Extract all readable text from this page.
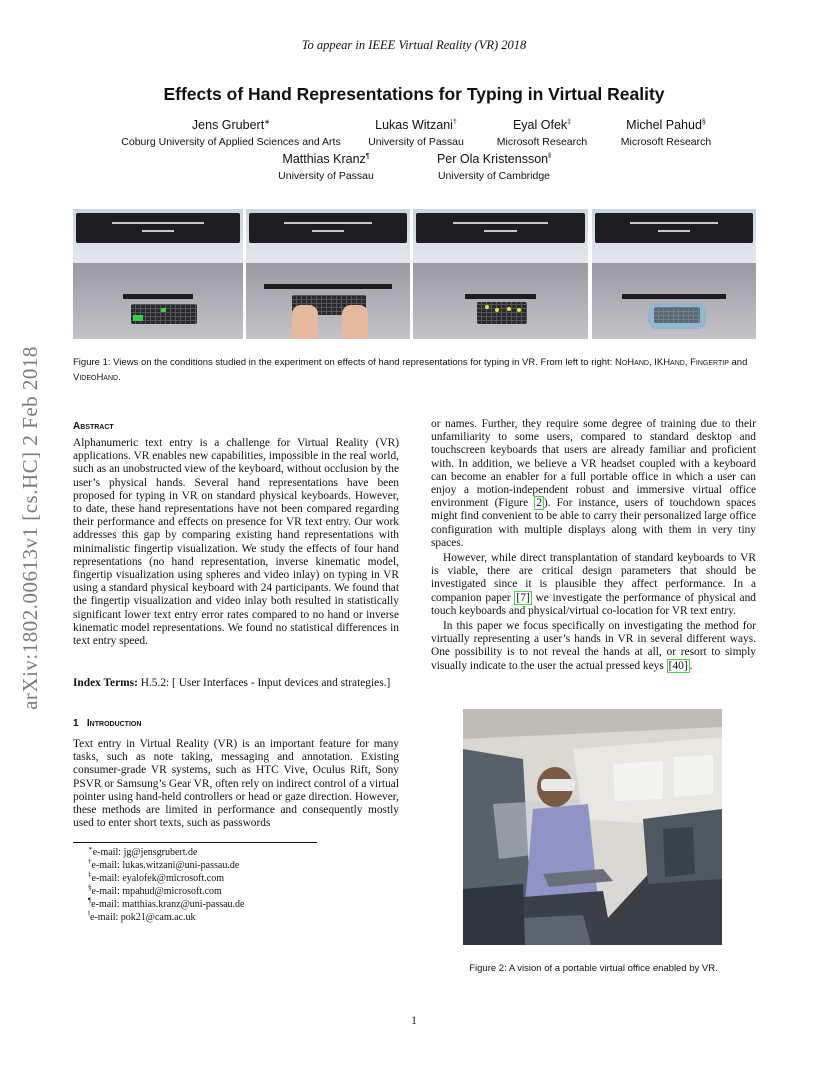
To appear in IEEE Virtual Reality (VR) 2018
Effects of Hand Representations for Typing in Virtual Reality
Jens Grubert∗
Coburg University of Applied Sciences and Arts
Lukas Witzani†
University of Passau
Eyal Ofek‡
Microsoft Research
Michel Pahud§
Microsoft Research
Matthias Kranz¶
University of Passau
Per Ola Kristensson‖
University of Cambridge
arXiv:1802.00613v1 [cs.HC] 2 Feb 2018	Figure 1: Views on the conditions studied in the experiment on effects of hand representations for typing in VR. From left to right: NoHand, IKHand, Fingertip and VideoHand.
Abstract

Alphanumeric text entry is a challenge for Virtual Reality (VR) applications. VR enables new capabilities, impossible in the real world, such as an unobstructed view of the keyboard, without occlusion by the user’s physical hands. Several hand representations have been proposed for typing in VR on standard physical keyboards. However, to date, these hand representations have not been compared regarding their performance and effects on presence for VR text entry. Our work addresses this gap by comparing existing hand representations with minimalistic fingertip visualization. We study the effects of four hand representations (no hand representation, inverse kinematic model, fingertip visualization using spheres and video inlay) on typing in VR using a standard physical keyboard with 24 participants. We found that the fingertip visualization and video inlay both resulted in statistically significant lower text entry error rates compared to no hand or inverse kinematic model representations. We found no statistical differences in text entry speed.

Index Terms: H.5.2: [ User Interfaces - Input devices and strategies.]

1 Introduction

Text entry in Virtual Reality (VR) is an important feature for many tasks, such as note taking, messaging and annotation. Existing consumer-grade VR systems, such as HTC Vive, Oculus Rift, Sony PSVR or Samsung’s Gear VR, often rely on indirect control of a virtual pointer using hand-held controllers or head or gaze direction. However, these methods are limited in performance and consequently mostly used to enter short texts, such as passwords

∗e-mail: jg@jensgrubert.de
†e-mail: lukas.witzani@uni-passau.de
‡e-mail: eyalofek@microsoft.com
§e-mail: mpahud@microsoft.com
¶e-mail: matthias.kranz@uni-passau.de
‖e-mail: pok21@cam.ac.uk

or names. Further, they require some degree of training due to their unfamiliarity to some users, compared to standard desktop and touchscreen keyboards that users are already familiar and proficient with. In addition, we believe a VR headset coupled with a keyboard can become an enabler for a full portable office in which a user can enjoy a motion-independent robust and immersive virtual office environment (Figure 2 ). For instance, users of touchdown spaces might find convenient to be able to carry their personalized large office configuration with multiple displays along with them in very tiny spaces.

However, while direct transplantation of standard keyboards to VR is viable, there are critical design parameters that should be investigated since it is plausible they affect performance. In a companion paper [7] we investigate the performance of physical and touch keyboards and physical/virtual co-location for VR text entry.

In this paper we focus specifically on investigating the method for virtually representing a user’s hands in VR in several different ways. One possibility is to not reveal the hands at all, or resort to simply visually indicate to the user the actual pressed keys [40] .

Figure 2: A vision of a portable virtual office enabled by VR.
1
